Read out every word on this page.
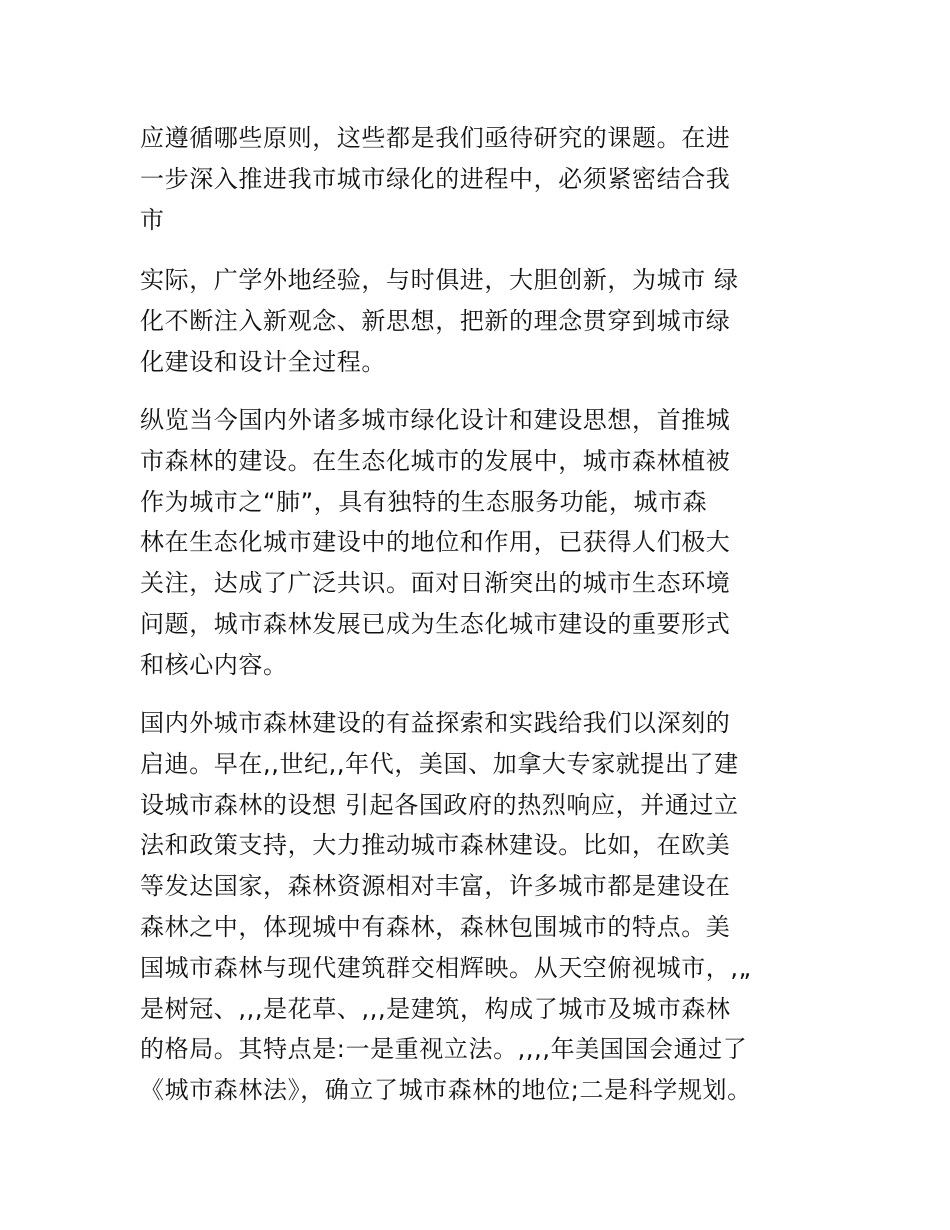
应遵循哪些原则，这些都是我们亟待研究的课题。在进
一步深入推进我市城市绿化的进程中，必须紧密结合我
市
实际，广学外地经验，与时俱进，大胆创新，为城市 绿
化不断注入新观念、新思想，把新的理念贯穿到城市绿
化建设和设计全过程。
纵览当今国内外诸多城市绿化设计和建设思想，首推城
市森林的建设。在生态化城市的发展中，城市森林植被
作为城市之“肺”，具有独特的生态服务功能，城市森
林在生态化城市建设中的地位和作用，已获得人们极大
关注，达成了广泛共识。面对日渐突出的城市生态环境
问题，城市森林发展已成为生态化城市建设的重要形式
和核心内容。
国内外城市森林建设的有益探索和实践给我们以深刻的
启迪。早在,,世纪,,年代，美国、加拿大专家就提出了建
设城市森林的设想 引起各国政府的热烈响应，并通过立
法和政策支持，大力推动城市森林建设。比如，在欧美
等发达国家，森林资源相对丰富，许多城市都是建设在
森林之中，体现城中有森林，森林包围城市的特点。美
国城市森林与现代建筑群交相辉映。从天空俯视城市，,„
是树冠、,,,是花草、,,,是建筑，构成了城市及城市森林
的格局。其特点是:一是重视立法。,,,,年美国国会通过了
《城市森林法》，确立了城市森林的地位;二是科学规划。
